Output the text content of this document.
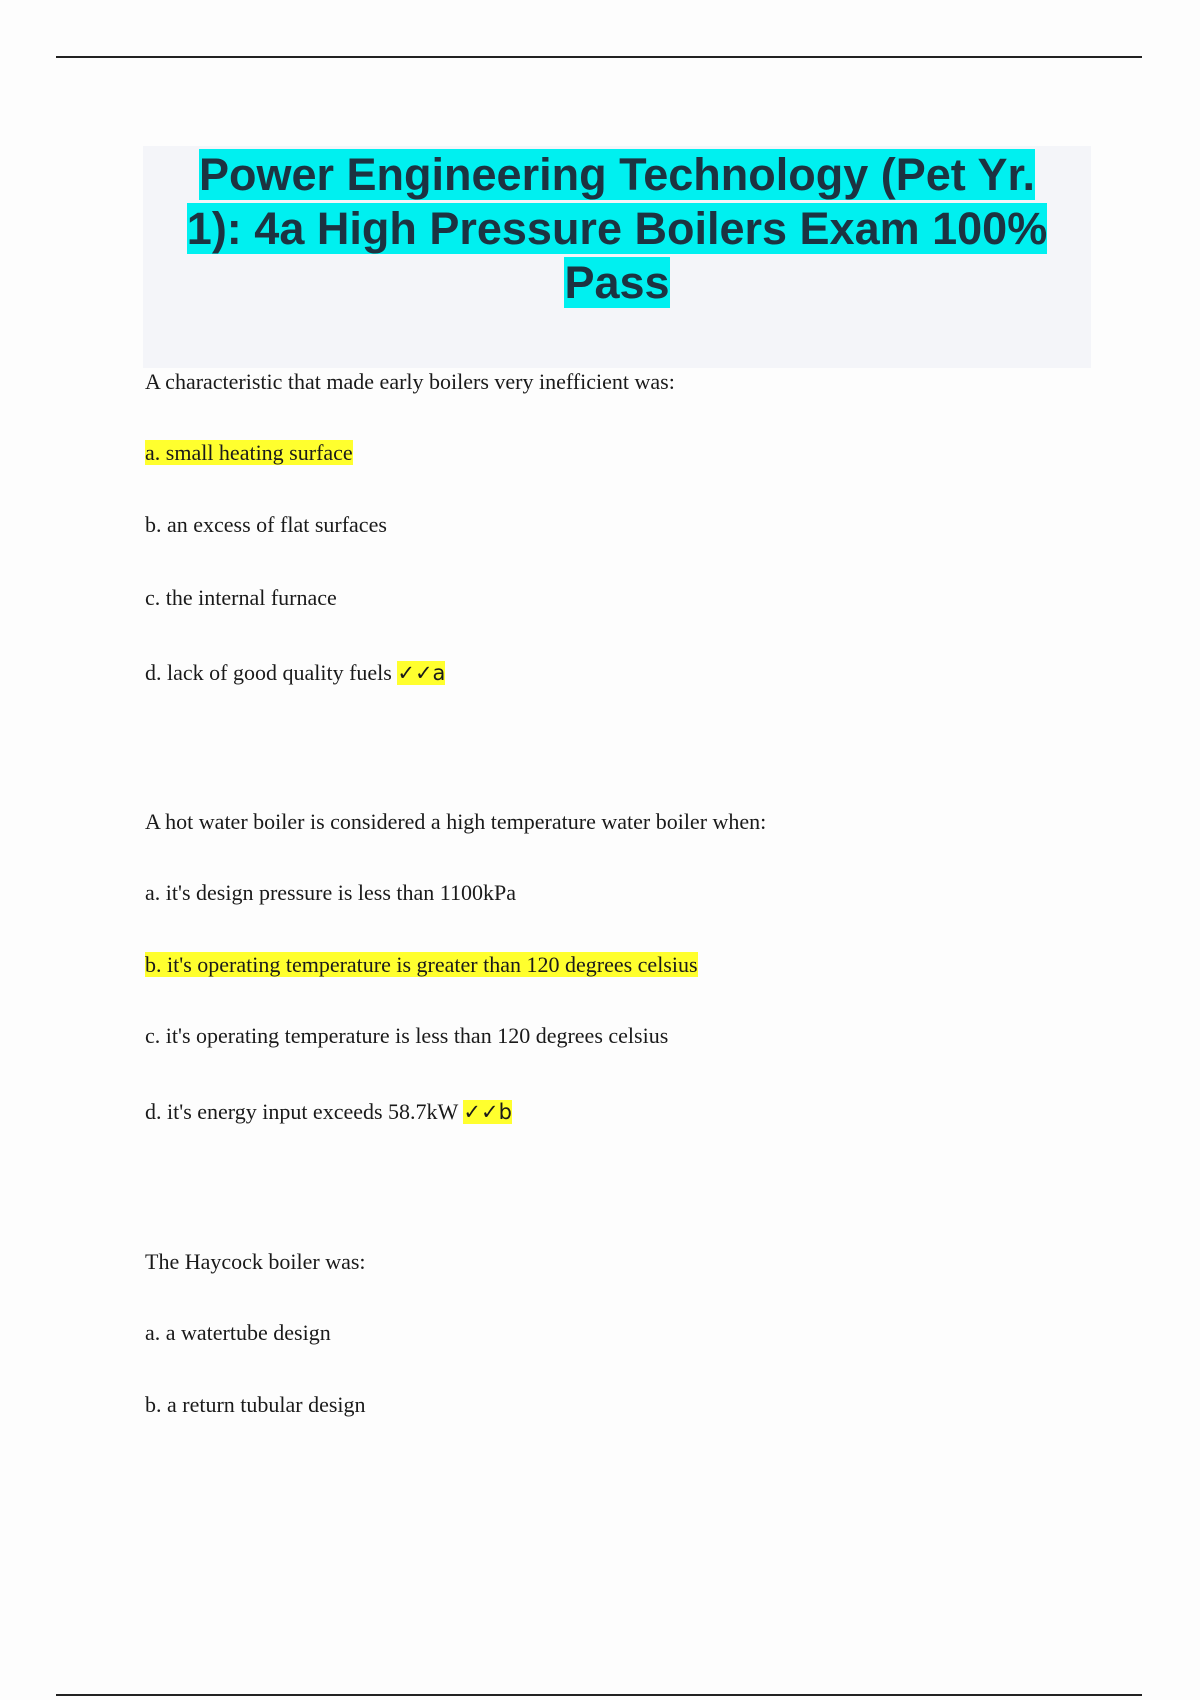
Power Engineering Technology (Pet Yr.
1): 4a High Pressure Boilers Exam 100%
Pass

A characteristic that made early boilers very inefficient was:

a. small heating surface

b. an excess of flat surfaces

c. the internal furnace

d. lack of good quality fuels ✓✓a

A hot water boiler is considered a high temperature water boiler when:

a. it's design pressure is less than 1100kPa

b. it's operating temperature is greater than 120 degrees celsius

c. it's operating temperature is less than 120 degrees celsius

d. it's energy input exceeds 58.7kW ✓✓b

The Haycock boiler was:

a. a watertube design

b. a return tubular design
